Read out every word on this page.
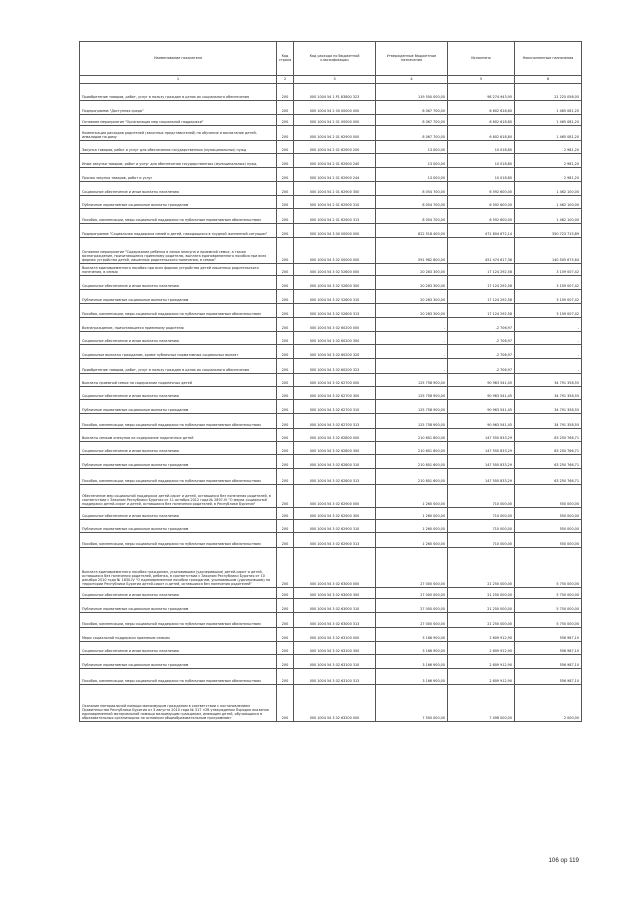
Наименование показателя	Код строки	Код расхода по бюджетной классификации	Утвержденные бюджетные назначения	Исполнено	Неисполненные назначения
1	2	3	4	5	6
Приобретение товаров, работ, услуг в пользу граждан в целях их социального обеспечения	200	000 1004 54 1 Р1 83800 323	119 500 000,00	98 274 943,95	21 225 056,05
Подпрограмма "Доступная среда"	200	000 1004 54 2 00 00000 000	8 067 700,00	6 602 618,80	1 465 081,20
Основное мероприятие "Организация мер социальной поддержки"	200	000 1004 54 2 01 00000 000	8 067 700,00	6 602 618,80	1 465 081,20
Компенсация расходов родителей (законных представителей) на обучение и воспитание детей-инвалидов на дому	200	000 1004 54 2 01 62900 000	8 067 700,00	6 602 618,80	1 465 081,20
Закупка товаров, работ и услуг для обеспечения государственных (муниципальных) нужд	200	000 1004 54 2 01 62900 200	13 000,00	10 018,80	2 981,20
Иные закупки товаров, работ и услуг для обеспечения государственных (муниципальных) нужд	200	000 1004 54 2 01 62900 240	13 000,00	10 018,80	2 981,20
Прочая закупка товаров, работ и услуг	200	000 1004 54 2 01 62900 244	13 000,00	10 018,80	2 981,20
Социальное обеспечение и иные выплаты населению	200	000 1004 54 2 01 62900 300	8 054 700,00	6 592 600,00	1 462 100,00
Публичные нормативные социальные выплаты гражданам	200	000 1004 54 2 01 62900 310	8 054 700,00	6 592 600,00	1 462 100,00
Пособия, компенсации, меры социальной поддержки по публичным нормативным обязательствам	200	000 1004 54 2 01 62900 313	8 054 700,00	6 592 600,00	1 462 100,00
Подпрограмма "Социальная поддержка семей и детей, находящихся в трудной жизненной ситуации"	200	000 1004 54 3 00 00000 000	822 518 400,00	471 804 672,14	350 723 715,89
Основное мероприятие "Содержание ребенка в семье опекуна и приемной семье, а также вознаграждение, причитающееся приемному родителю, выплата единовременного пособия при всех формах устройства детей, лишенных родительского попечения, в семью"	200	000 1004 54 3 02 00000 000	591 982 600,00	451 474 617,36	140 505 675,64
Выплата единовременного пособия при всех формах устройства детей лишенных родительского попечения, в семью	200	000 1004 54 3 02 52600 000	20 283 300,00	17 124 292,58	3 159 007,42
Социальное обеспечение и иные выплаты населению	200	000 1004 54 3 02 52600 300	20 283 300,00	17 124 292,58	3 159 007,42
Публичные нормативные социальные выплаты гражданам	200	000 1004 54 3 02 52600 310	20 283 300,00	17 124 292,58	3 159 007,42
Пособия, компенсации, меры социальной поддержки по публичным нормативным обязательствам	200	000 1004 54 3 02 52600 313	20 283 300,00	17 124 292,58	3 159 007,42
Вознаграждение, причитающееся приемному родителю	200	000 1004 54 3 02 60200 000	-	-2 706,97	-
Социальное обеспечение и иные выплаты населению	200	000 1004 54 3 02 60200 300	-	-2 706,97	-
Социальные выплаты гражданам, кроме публичных нормативных социальных выплат	200	000 1004 54 3 02 60200 320	-	-2 706,97	-
Приобретение товаров, работ, услуг в пользу граждан в целях их социального обеспечения	200	000 1004 54 3 02 60200 323	-	-2 706,97	-
Выплаты приемной семье на содержание подопечных детей	200	000 1004 54 3 02 62700 000	125 758 900,00	90 963 541,45	34 791 358,55
Социальное обеспечение и иные выплаты населению	200	000 1004 54 3 02 62700 300	125 758 900,00	90 963 541,45	34 791 358,55
Публичные нормативные социальные выплаты гражданам	200	000 1004 54 3 02 62700 310	125 758 900,00	90 963 541,45	34 791 358,55
Пособия, компенсации, меры социальной поддержки по публичным нормативным обязательствам	200	000 1004 54 3 02 62700 313	125 758 900,00	90 963 541,45	34 791 358,55
Выплаты семьям опекунов на содержание подопечных детей	200	000 1004 54 3 02 62800 000	210 801 600,00	147 550 833,29	63 250 766,71
Социальное обеспечение и иные выплаты населению	200	000 1004 54 3 02 62800 300	210 801 600,00	147 550 833,29	63 250 766,71
Публичные нормативные социальные выплаты гражданам	200	000 1004 54 3 02 62800 310	210 801 600,00	147 550 833,29	63 250 766,71
Пособия, компенсации, меры социальной поддержки по публичным нормативным обязательствам	200	000 1004 54 3 02 62800 313	210 801 600,00	147 550 833,29	63 250 766,71
Обеспечение мер социальной поддержки детей-сирот и детей, оставшихся без попечения родителей, в соответствии с Законом Республики Бурятия от 11 октября 2012 года № 2897-IV "О мерах социальной поддержки детей-сирот и детей, оставшихся без попечения родителей, в Республике Бурятия"	200	000 1004 54 3 02 62900 000	1 260 000,00	710 000,00	550 000,00
Социальное обеспечение и иные выплаты населению	200	000 1004 54 3 02 62900 300	1 260 000,00	710 000,00	550 000,00
Публичные нормативные социальные выплаты гражданам	200	000 1004 54 3 02 62900 310	1 260 000,00	710 000,00	550 000,00
Пособия, компенсации, меры социальной поддержки по публичным нормативным обязательствам	200	000 1004 54 3 02 62900 313	1 260 000,00	710 000,00	550 000,00
Выплата единовременного пособия гражданам, усыновившим (удочерившим) детей-сирот и детей, оставшихся без попечения родителей, ребенка, в соответствии с Законом Республики Бурятия от 10 декабря 2010 года № 1830-IV "О единовременном пособии гражданам, усыновившим (удочерившим) на территории Республики Бурятия детей-сирот и детей, оставшихся без попечения родителей"	200	000 1004 54 3 02 63000 000	27 000 000,00	21 250 000,00	5 750 000,00
Социальное обеспечение и иные выплаты населению	200	000 1004 54 3 02 63000 300	27 000 000,00	21 250 000,00	5 750 000,00
Публичные нормативные социальные выплаты гражданам	200	000 1004 54 3 02 63000 310	27 000 000,00	21 250 000,00	5 750 000,00
Пособия, компенсации, меры социальной поддержки по публичным нормативным обязательствам	200	000 1004 54 3 02 63000 313	27 000 000,00	21 250 000,00	5 750 000,00
Меры социальной поддержки приемным семьям	200	000 1004 54 3 02 63100 000	3 166 900,00	2 609 912,90	556 987,10
Социальное обеспечение и иные выплаты населению	200	000 1004 54 3 02 63100 300	3 166 900,00	2 609 912,90	556 987,10
Публичные нормативные социальные выплаты гражданам	200	000 1004 54 3 02 63100 310	3 166 900,00	2 609 912,90	556 987,10
Пособия, компенсации, меры социальной поддержки по публичным нормативным обязательствам	200	000 1004 54 3 02 63100 313	3 166 900,00	2 609 912,90	556 987,10
Оказание материальной помощи малоимущим гражданам в соответствии с постановлением Правительства Республики Бурятия от 3 августа 2010 года № 317 «Об утверждении Порядка оказания единовременной материальной помощи малоимущим гражданам, имеющим детей, обучающихся в образовательных организациях по основным общеобразовательным программам»	200	000 1004 54 3 02 63200 000	7 500 000,00	7 498 000,00	2 000,00
106 op 119
